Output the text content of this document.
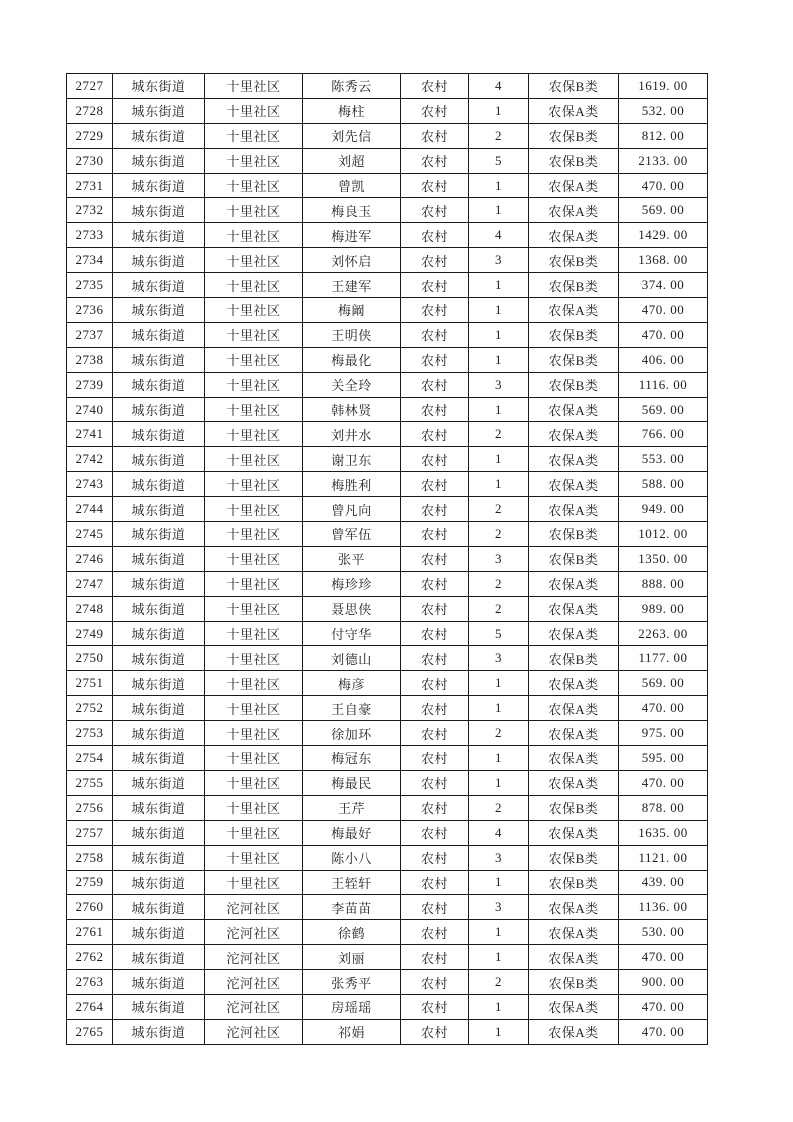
2727	城东街道	十里社区	陈秀云	农村	4	农保B类	1619. 00
2728	城东街道	十里社区	梅柱	农村	1	农保A类	532. 00
2729	城东街道	十里社区	刘先信	农村	2	农保B类	812. 00
2730	城东街道	十里社区	刘超	农村	5	农保B类	2133. 00
2731	城东街道	十里社区	曾凯	农村	1	农保A类	470. 00
2732	城东街道	十里社区	梅良玉	农村	1	农保A类	569. 00
2733	城东街道	十里社区	梅进军	农村	4	农保A类	1429. 00
2734	城东街道	十里社区	刘怀启	农村	3	农保B类	1368. 00
2735	城东街道	十里社区	王建军	农村	1	农保B类	374. 00
2736	城东街道	十里社区	梅阚	农村	1	农保A类	470. 00
2737	城东街道	十里社区	王明侠	农村	1	农保B类	470. 00
2738	城东街道	十里社区	梅最化	农村	1	农保B类	406. 00
2739	城东街道	十里社区	关全玲	农村	3	农保B类	1116. 00
2740	城东街道	十里社区	韩林贤	农村	1	农保A类	569. 00
2741	城东街道	十里社区	刘井水	农村	2	农保A类	766. 00
2742	城东街道	十里社区	谢卫东	农村	1	农保A类	553. 00
2743	城东街道	十里社区	梅胜利	农村	1	农保A类	588. 00
2744	城东街道	十里社区	曾凡向	农村	2	农保A类	949. 00
2745	城东街道	十里社区	曾军伍	农村	2	农保B类	1012. 00
2746	城东街道	十里社区	张平	农村	3	农保B类	1350. 00
2747	城东街道	十里社区	梅珍珍	农村	2	农保A类	888. 00
2748	城东街道	十里社区	聂思侠	农村	2	农保A类	989. 00
2749	城东街道	十里社区	付守华	农村	5	农保A类	2263. 00
2750	城东街道	十里社区	刘德山	农村	3	农保B类	1177. 00
2751	城东街道	十里社区	梅彦	农村	1	农保A类	569. 00
2752	城东街道	十里社区	王自豪	农村	1	农保A类	470. 00
2753	城东街道	十里社区	徐加环	农村	2	农保A类	975. 00
2754	城东街道	十里社区	梅冠东	农村	1	农保A类	595. 00
2755	城东街道	十里社区	梅最民	农村	1	农保A类	470. 00
2756	城东街道	十里社区	王芹	农村	2	农保B类	878. 00
2757	城东街道	十里社区	梅最好	农村	4	农保A类	1635. 00
2758	城东街道	十里社区	陈小八	农村	3	农保B类	1121. 00
2759	城东街道	十里社区	王轾轩	农村	1	农保B类	439. 00
2760	城东街道	沱河社区	李苗苗	农村	3	农保A类	1136. 00
2761	城东街道	沱河社区	徐鹤	农村	1	农保A类	530. 00
2762	城东街道	沱河社区	刘丽	农村	1	农保A类	470. 00
2763	城东街道	沱河社区	张秀平	农村	2	农保B类	900. 00
2764	城东街道	沱河社区	房瑶瑶	农村	1	农保A类	470. 00
2765	城东街道	沱河社区	祁娟	农村	1	农保A类	470. 00
